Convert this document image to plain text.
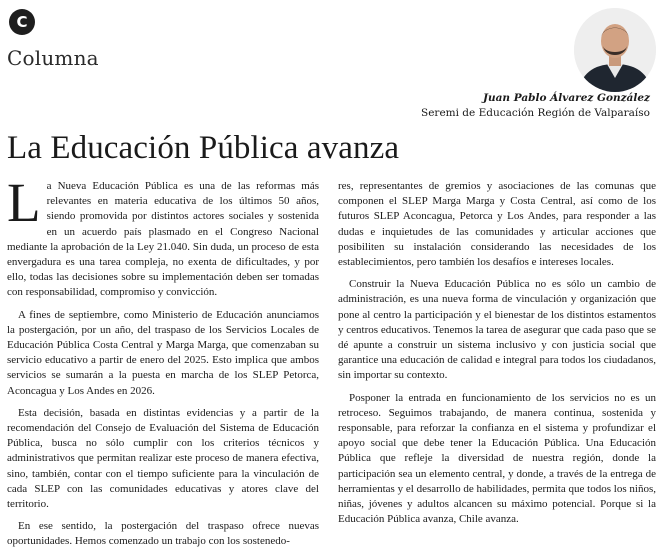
C
Columna
Juan Pablo Álvarez González
Seremi de Educación Región de Valparaíso
La Educación Pública avanza

La Nueva Educación Pública es una de las reformas más relevantes en materia educativa de los últimos 50 años, siendo promovida por distintos actores sociales y sostenida en un acuerdo país plasmado en el Congreso Nacional mediante la aprobación de la Ley 21.040. Sin duda, un proceso de esta envergadura es una tarea compleja, no exenta de dificultades, y por ello, todas las decisiones sobre su implementación deben ser tomadas con responsabilidad, compromiso y convicción.

A fines de septiembre, como Ministerio de Educación anunciamos la postergación, por un año, del traspaso de los Servicios Locales de Educación Pública Costa Central y Marga Marga, que comenzaban su servicio educativo a partir de enero del 2025. Esto implica que ambos servicios se sumarán a la puesta en marcha de los SLEP Petorca, Aconcagua y Los Andes en 2026.

Esta decisión, basada en distintas evidencias y a partir de la recomendación del Consejo de Evaluación del Sistema de Educación Pública, busca no sólo cumplir con los criterios técnicos y administrativos que permitan realizar este proceso de manera efectiva, sino, también, contar con el tiempo suficiente para la vinculación de cada SLEP con las comunidades educativas y atores clave del territorio.

En ese sentido, la postergación del traspaso ofrece nuevas oportunidades. Hemos comenzado un trabajo con los sostenedo-

res, representantes de gremios y asociaciones de las comunas que componen el SLEP Marga Marga y Costa Central, así como de los futuros SLEP Aconcagua, Petorca y Los Andes, para responder a las dudas e inquietudes de las comunidades y articular acciones que posibiliten su instalación considerando las necesidades de los establecimientos, pero también los desafíos e intereses locales.

Construir la Nueva Educación Pública no es sólo un cambio de administración, es una nueva forma de vinculación y organización que pone al centro la participación y el bienestar de los distintos estamentos y centros educativos. Tenemos la tarea de asegurar que cada paso que se dé apunte a construir un sistema inclusivo y con justicia social que garantice una educación de calidad e integral para todos los ciudadanos, sin importar su contexto.

Posponer la entrada en funcionamiento de los servicios no es un retroceso. Seguimos trabajando, de manera continua, sostenida y responsable, para reforzar la confianza en el sistema y profundizar el apoyo social que debe tener la Educación Pública. Una Educación Pública que refleje la diversidad de nuestra región, donde la participación sea un elemento central, y donde, a través de la entrega de herramientas y el desarrollo de habilidades, permita que todos los niños, niñas, jóvenes y adultos alcancen su máximo potencial. Porque si la Educación Pública avanza, Chile avanza.
